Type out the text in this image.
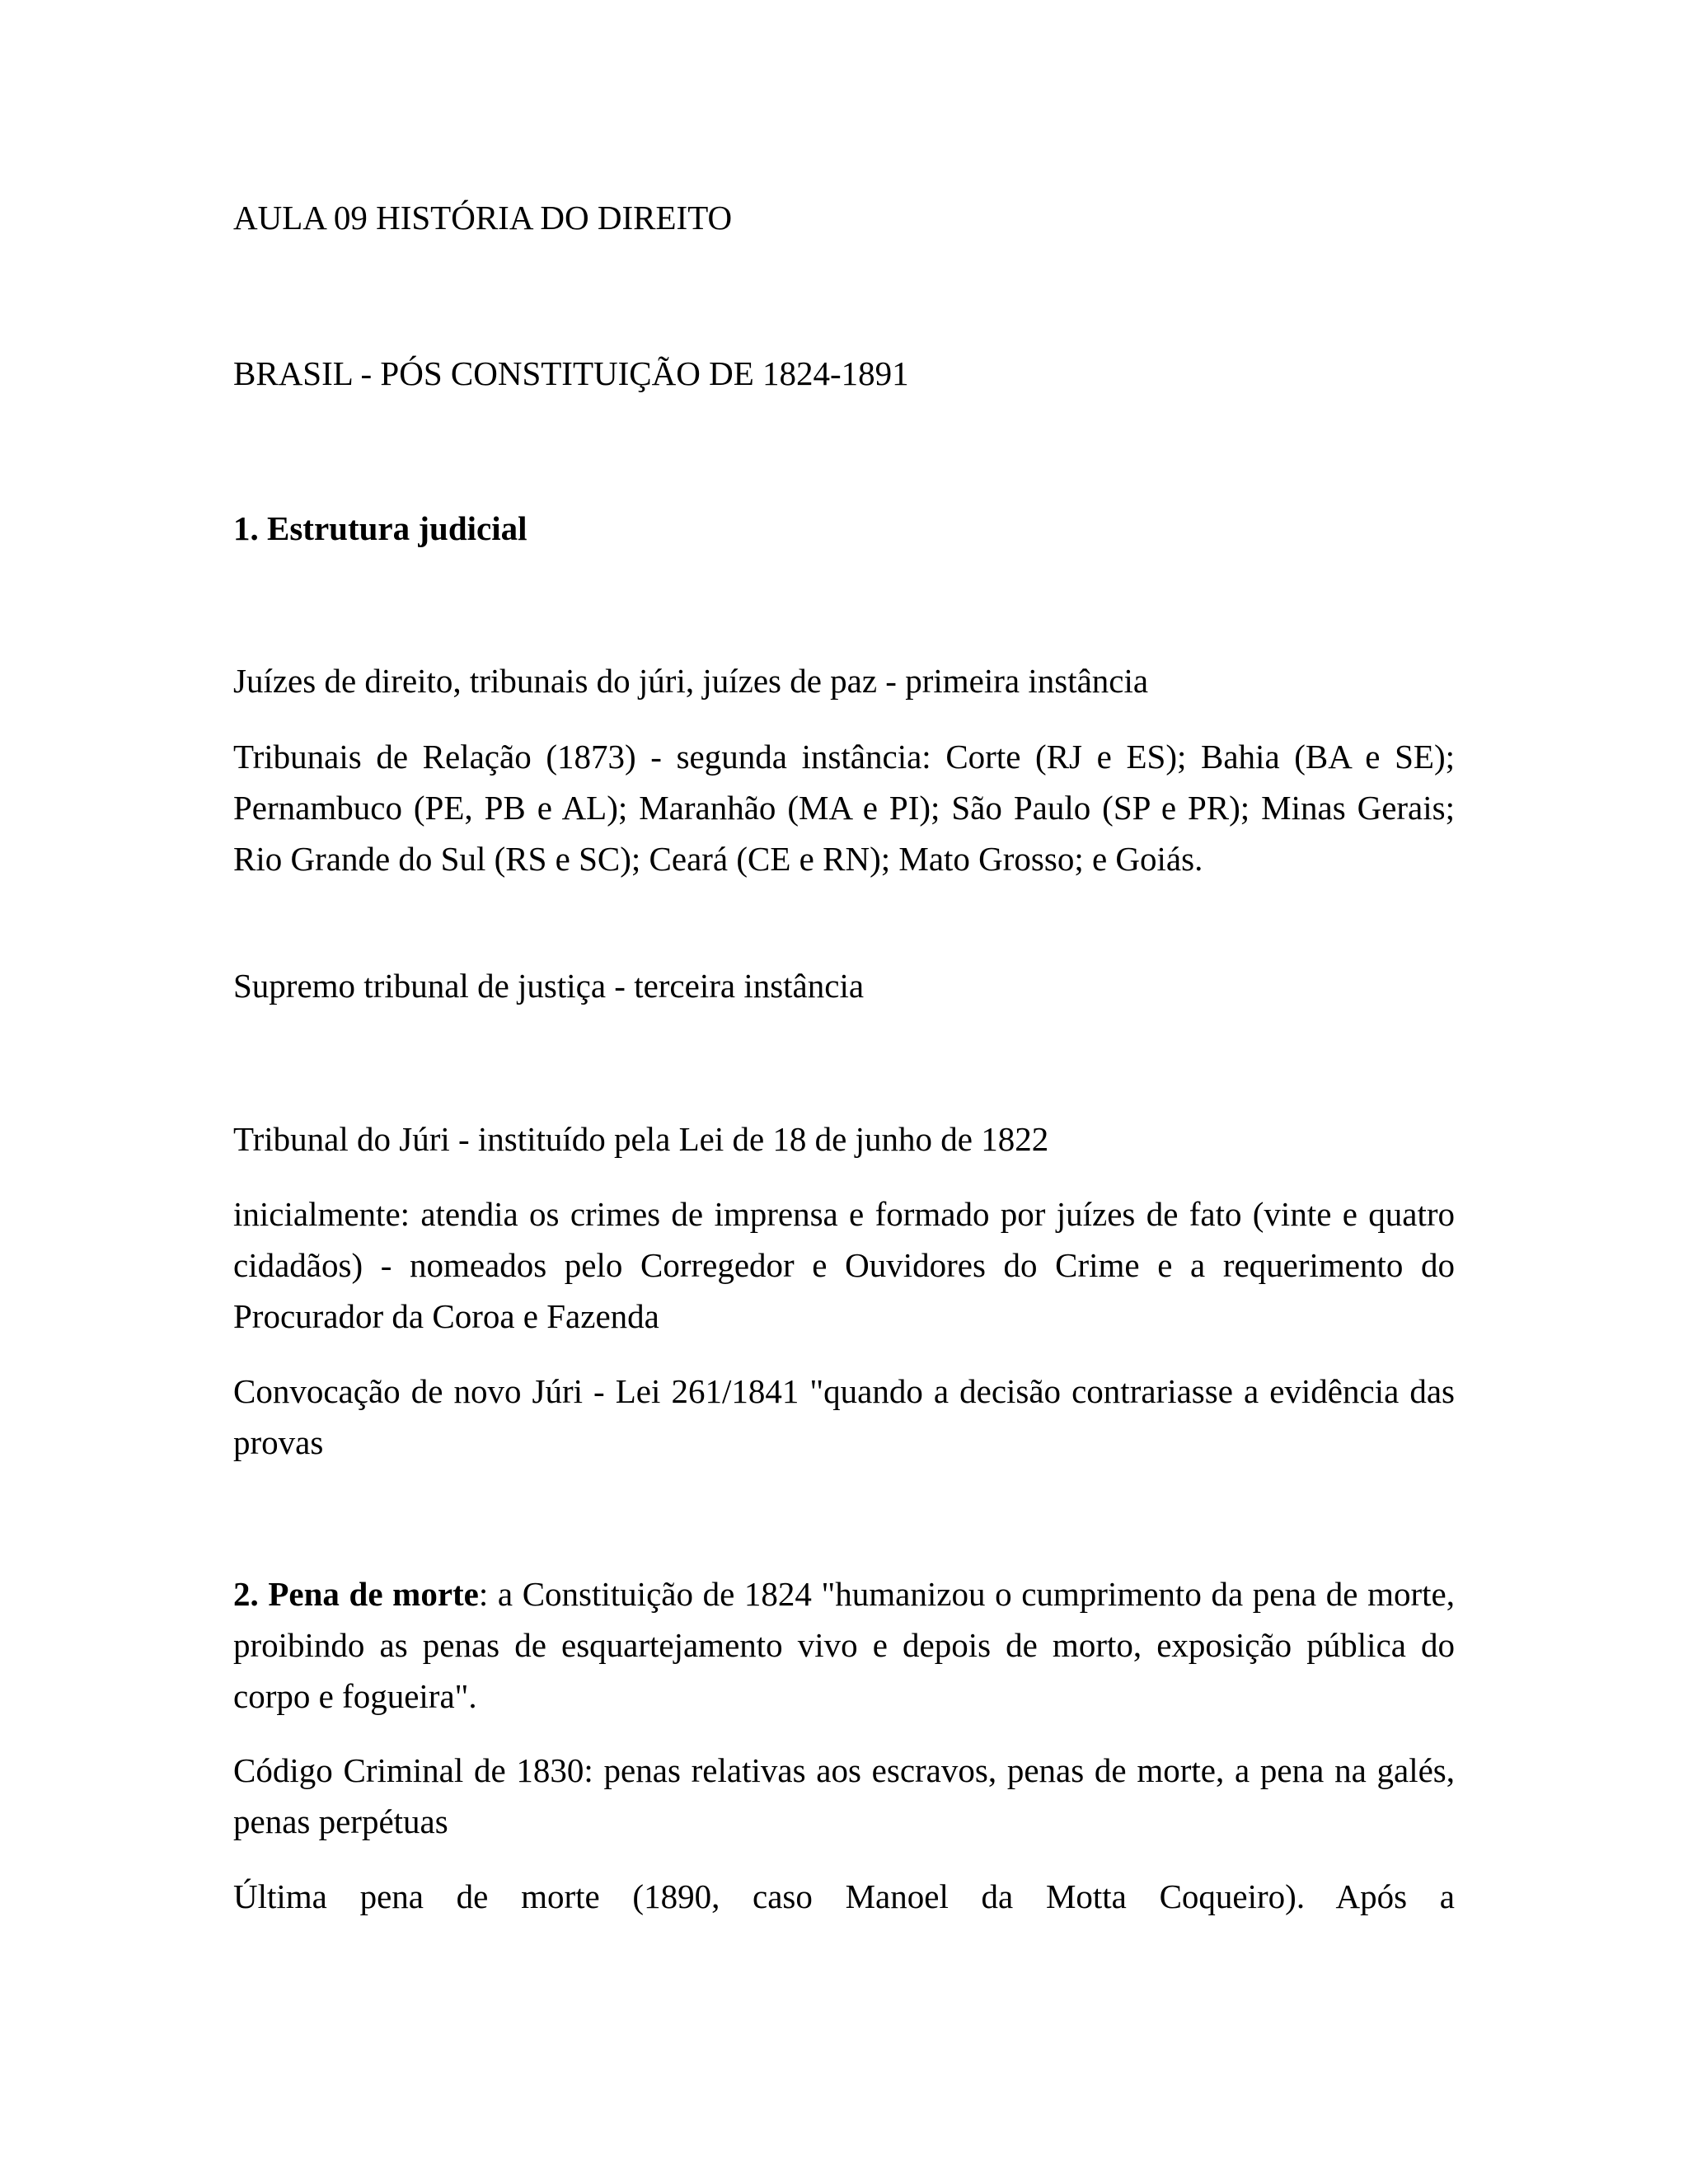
AULA 09 HISTÓRIA DO DIREITO
BRASIL - PÓS CONSTITUIÇÃO DE 1824-1891
1. Estrutura judicial
Juízes de direito, tribunais do júri, juízes de paz - primeira instância
Tribunais de Relação (1873) - segunda instância: Corte (RJ e ES); Bahia (BA e SE); Pernambuco (PE, PB e AL); Maranhão (MA e PI); São Paulo (SP e PR); Minas Gerais; Rio Grande do Sul (RS e SC); Ceará (CE e RN); Mato Grosso; e Goiás.
Supremo tribunal de justiça - terceira instância
Tribunal do Júri - instituído pela Lei de 18 de junho de 1822
inicialmente: atendia os crimes de imprensa e formado por juízes de fato (vinte e quatro cidadãos) - nomeados pelo Corregedor e Ouvidores do Crime e a requerimento do Procurador da Coroa e Fazenda
Convocação de novo Júri - Lei 261/1841 "quando a decisão contrariasse a evidência das provas
2. Pena de morte: a Constituição de 1824 "humanizou o cumprimento da pena de morte, proibindo as penas de esquartejamento vivo e depois de morto, exposição pública do corpo e fogueira".
Código Criminal de 1830: penas relativas aos escravos, penas de morte, a pena na galés, penas perpétuas
Última pena de morte (1890, caso Manoel da Motta Coqueiro). Após a
